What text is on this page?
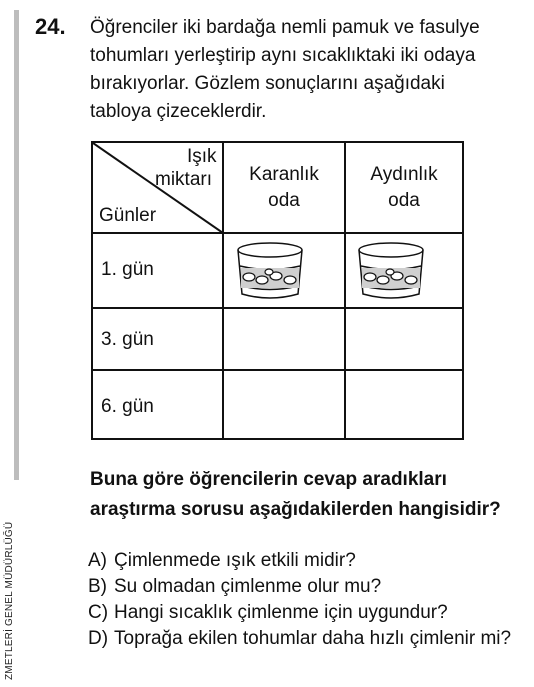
ZMETLERİ GENEL MÜDÜRLÜĞÜ
24. Öğrenciler iki bardağa nemli pamuk ve fasulye
tohumları yerleştirip aynı sıcaklıktaki iki odaya
bırakıyorlar. Gözlem sonuçlarını aşağıdaki
tabloya çizeceklerdir.
Işık
miktarı
Günler
Karanlık
oda
Aydınlık
oda
1. gün
3. gün
6. gün
Buna göre öğrencilerin cevap aradıkları
araştırma sorusu aşağıdakilerden hangisidir?
A) Çimlenmede ışık etkili midir?
B) Su olmadan çimlenme olur mu?
C) Hangi sıcaklık çimlenme için uygundur?
D) Toprağa ekilen tohumlar daha hızlı çimlenir mi?
